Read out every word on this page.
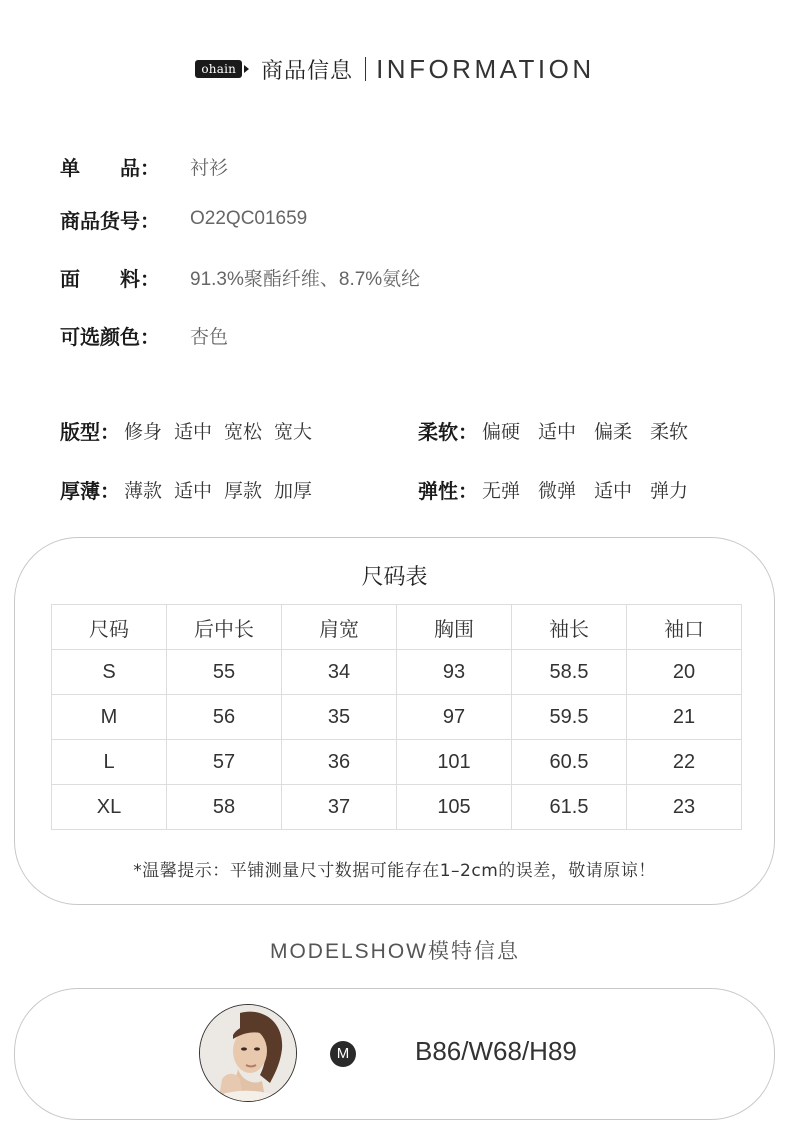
ohain 商品信息 INFORMATION
单　　品：	衬衫
商品货号：	O22QC01659
面　　料：	91.3%聚酯纤维、8.7%氨纶
可选颜色：	杏色
版型： 修身 适中 宽松 宽大	柔软： 偏硬 适中 偏柔 柔软
厚薄： 薄款 适中 厚款 加厚	弹性： 无弹 微弹 适中 弹力
尺码表
尺码	后中长	肩宽	胸围	袖长	袖口
S	55	34	93	58.5	20
M	56	35	97	59.5	21
L	57	36	101	60.5	22
XL	58	37	105	61.5	23
*温馨提示：平铺测量尺寸数据可能存在1–2cm的误差，敬请原谅！
MODELSHOW模特信息
M	B86/W68/H89
